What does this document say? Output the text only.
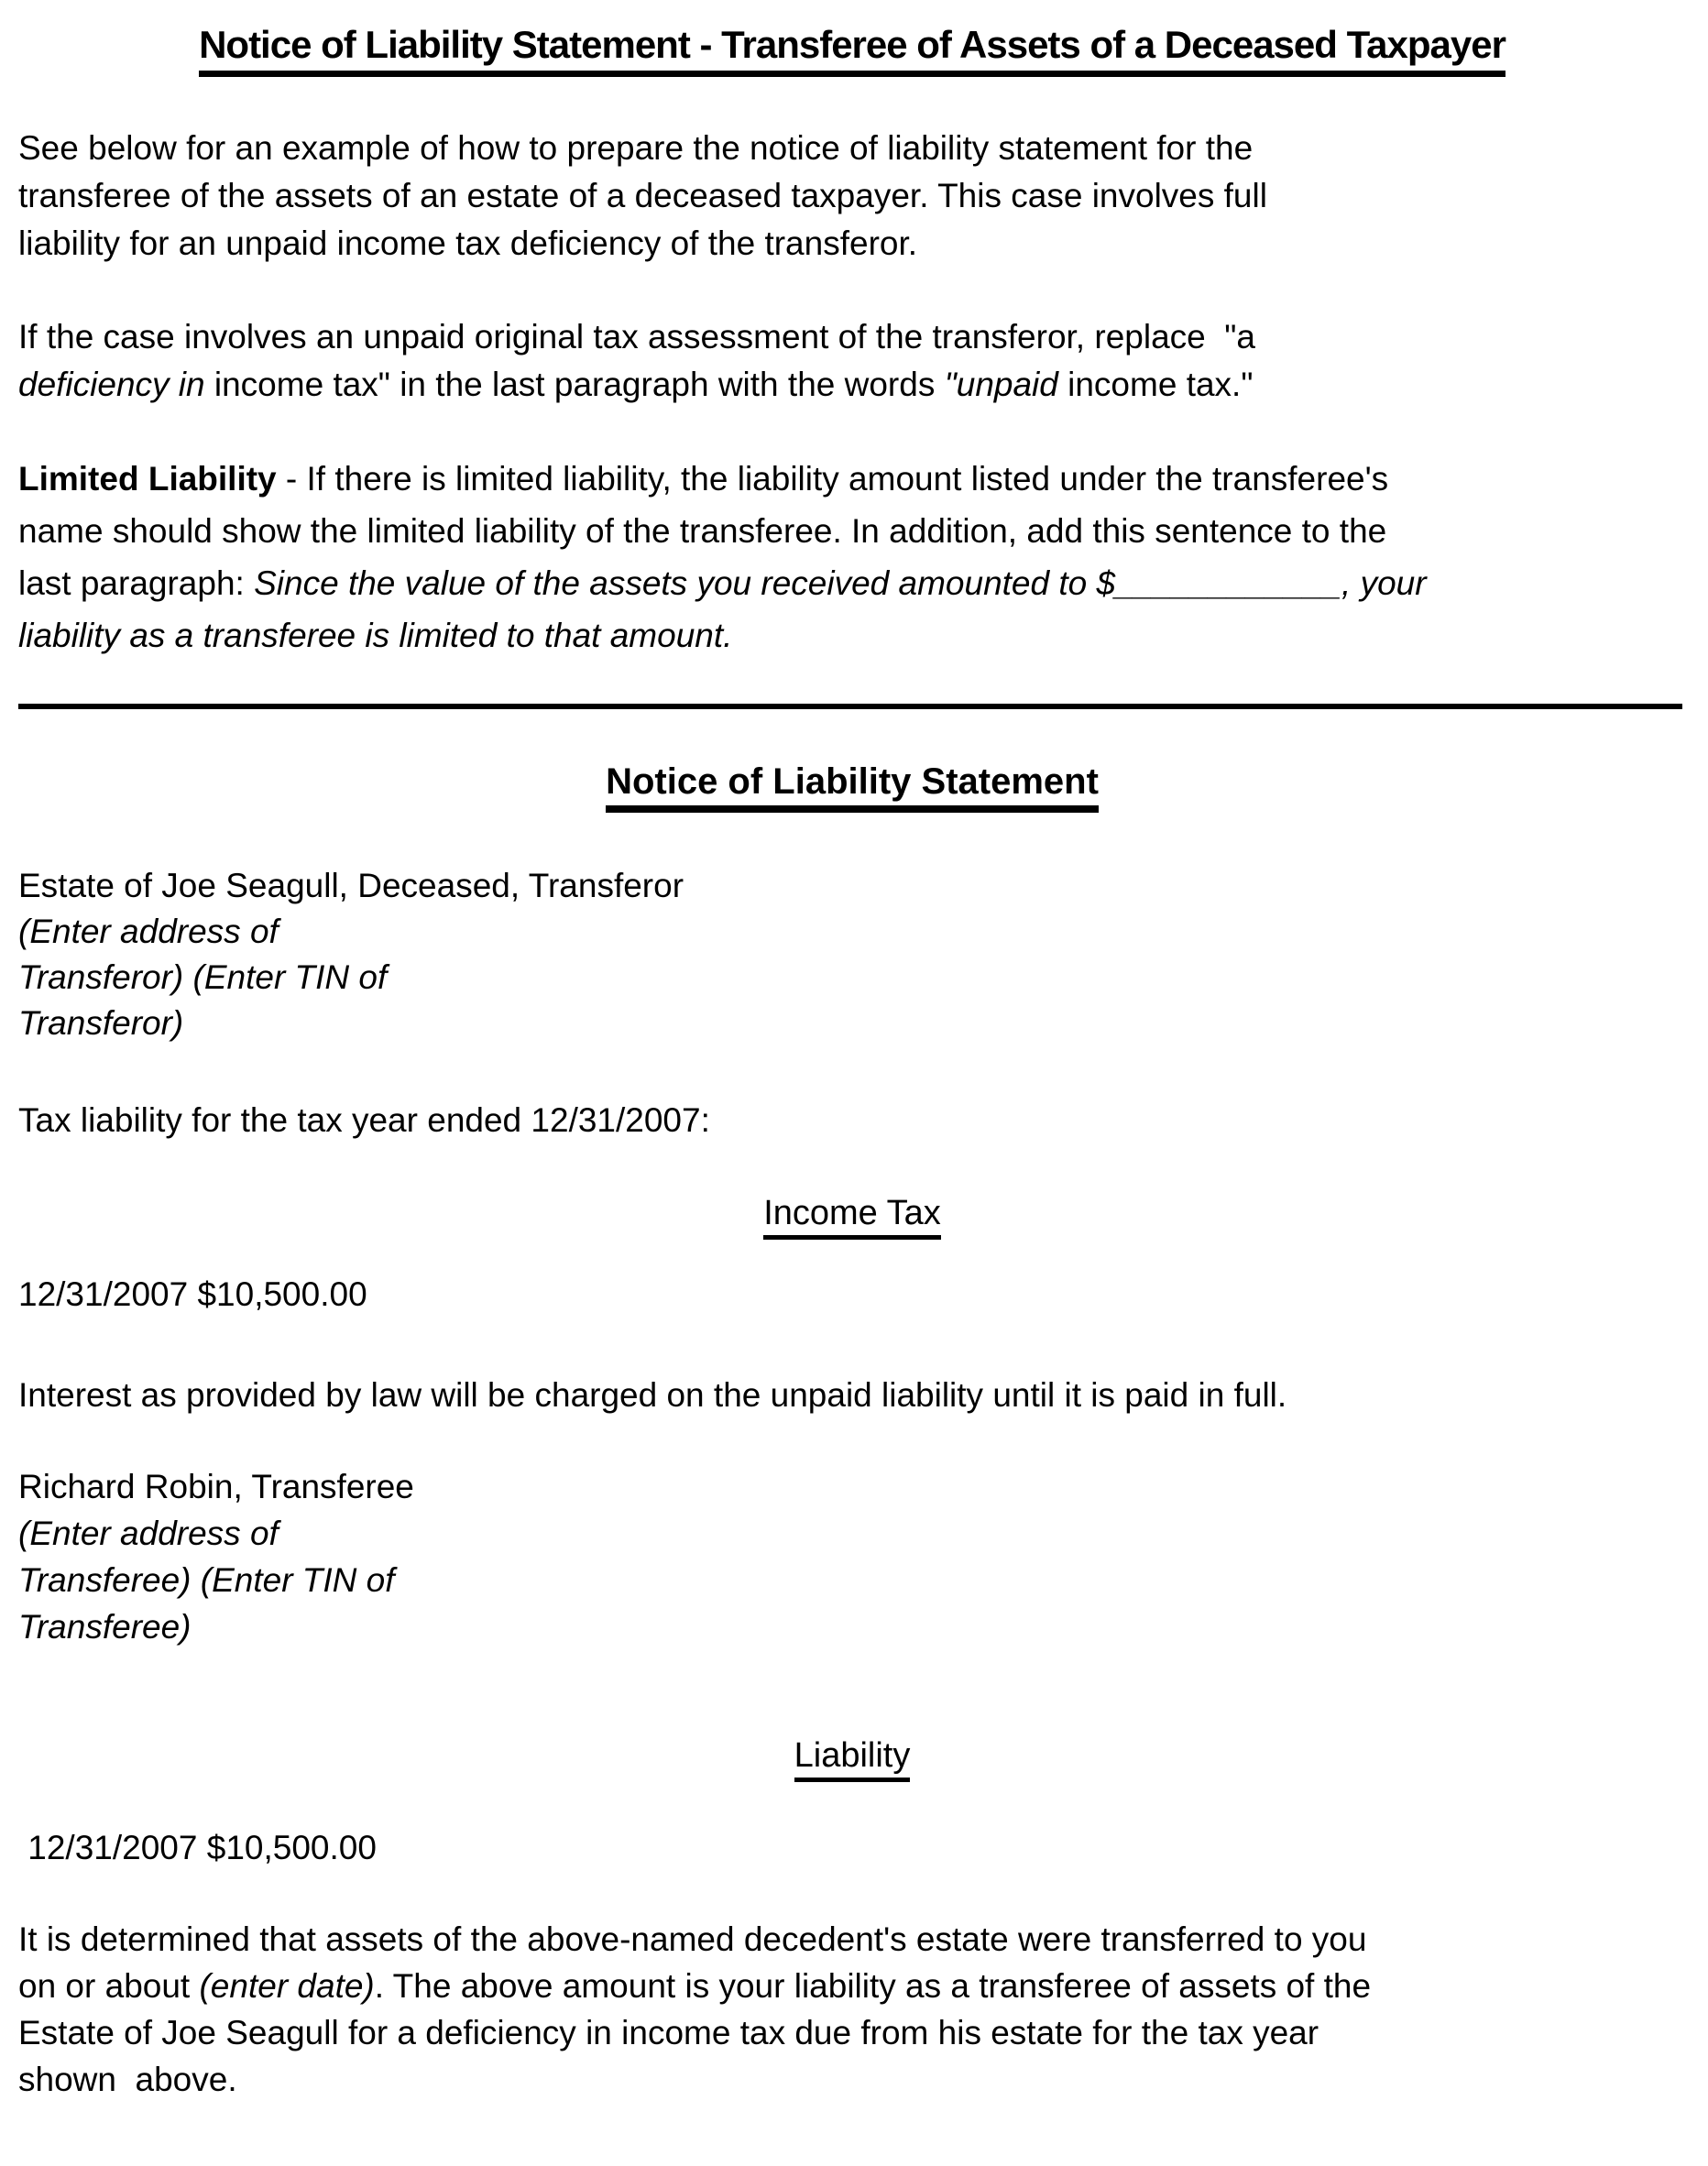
Notice of Liability Statement - Transferee of Assets of a Deceased Taxpayer
See below for an example of how to prepare the notice of liability statement for the
transferee of the assets of an estate of a deceased taxpayer. This case involves full
liability for an unpaid income tax deficiency of the transferor.
If the case involves an unpaid original tax assessment of the transferor, replace  "a
deficiency in income tax" in the last paragraph with the words "unpaid income tax."
Limited Liability - If there is limited liability, the liability amount listed under the transferee's
name should show the limited liability of the transferee. In addition, add this sentence to the
last paragraph: Since the value of the assets you received amounted to $____________, your
liability as a transferee is limited to that amount.
Notice of Liability Statement
Estate of Joe Seagull, Deceased, Transferor
(Enter address of
Transferor) (Enter TIN of
Transferor)
Tax liability for the tax year ended 12/31/2007:
Income Tax
12/31/2007 $10,500.00
Interest as provided by law will be charged on the unpaid liability until it is paid in full.
Richard Robin, Transferee
(Enter address of
Transferee) (Enter TIN of
Transferee)
Liability
12/31/2007 $10,500.00
It is determined that assets of the above-named decedent's estate were transferred to you
on or about (enter date). The above amount is your liability as a transferee of assets of the
Estate of Joe Seagull for a deficiency in income tax due from his estate for the tax year
shown  above.
